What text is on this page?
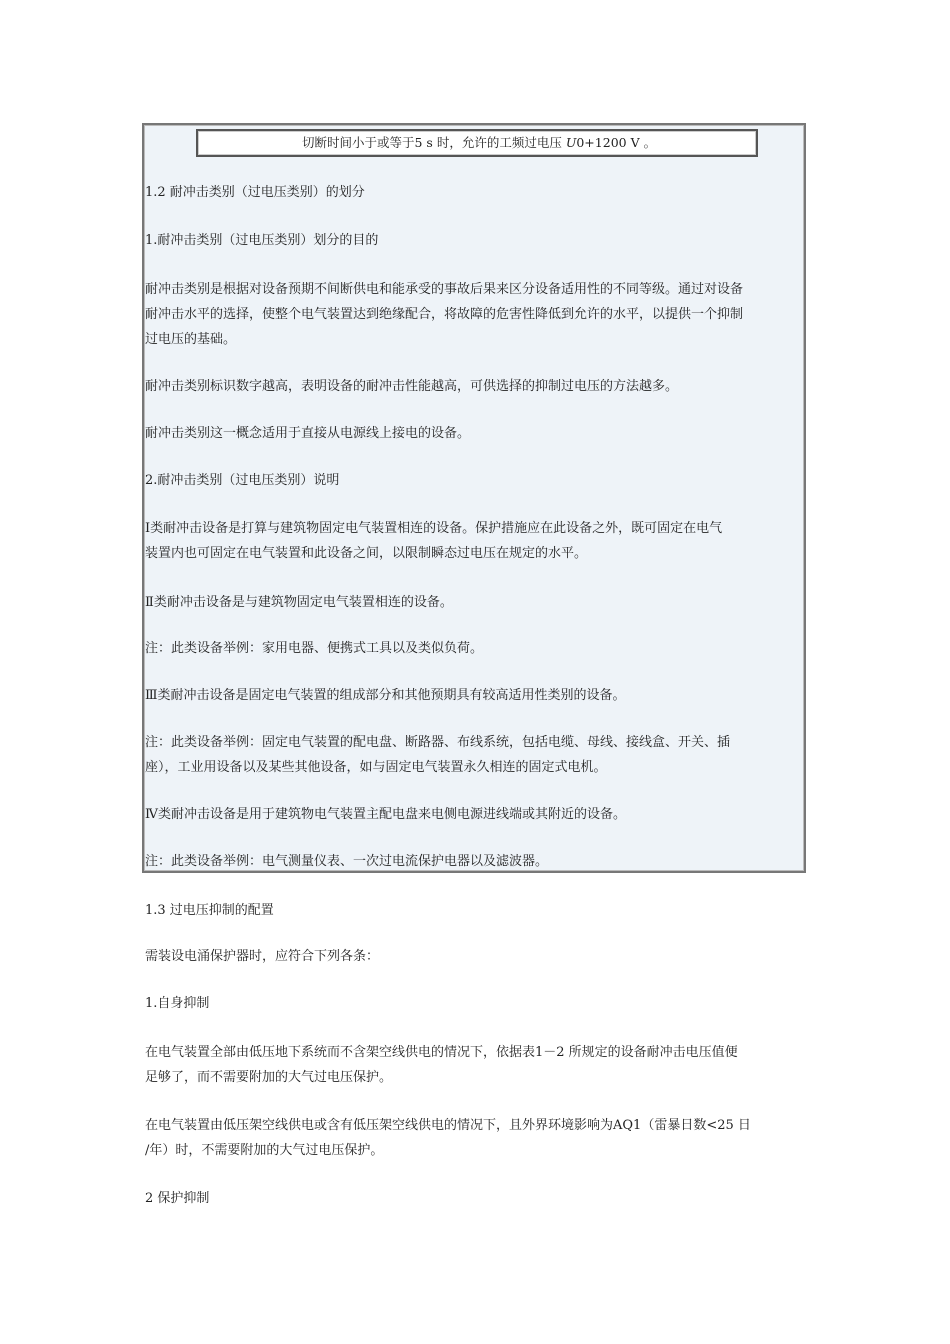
切断时间小于或等于5 s 时，允许的工频过电压 U0+1200 V 。

1.2 耐冲击类别（过电压类别）的划分

1.耐冲击类别（过电压类别）划分的目的

耐冲击类别是根据对设备预期不间断供电和能承受的事故后果来区分设备适用性的不同等级。通过对设备

耐冲击水平的选择，使整个电气装置达到绝缘配合，将故障的危害性降低到允许的水平，以提供一个抑制

过电压的基础。

耐冲击类别标识数字越高，表明设备的耐冲击性能越高，可供选择的抑制过电压的方法越多。

耐冲击类别这一概念适用于直接从电源线上接电的设备。

2.耐冲击类别（过电压类别）说明

Ⅰ类耐冲击设备是打算与建筑物固定电气装置相连的设备。保护措施应在此设备之外，既可固定在电气

装置内也可固定在电气装置和此设备之间，以限制瞬态过电压在规定的水平。

Ⅱ类耐冲击设备是与建筑物固定电气装置相连的设备。

注：此类设备举例：家用电器、便携式工具以及类似负荷。

Ⅲ类耐冲击设备是固定电气装置的组成部分和其他预期具有较高适用性类别的设备。

注：此类设备举例：固定电气装置的配电盘、断路器、布线系统，包括电缆、母线、接线盒、开关、插

座），工业用设备以及某些其他设备，如与固定电气装置永久相连的固定式电机。

Ⅳ类耐冲击设备是用于建筑物电气装置主配电盘来电侧电源进线端或其附近的设备。

注：此类设备举例：电气测量仪表、一次过电流保护电器以及滤波器。

1.3 过电压抑制的配置

需装设电涌保护器时，应符合下列各条：

1.自身抑制

在电气装置全部由低压地下系统而不含架空线供电的情况下，依据表1－2 所规定的设备耐冲击电压值便

足够了，而不需要附加的大气过电压保护。

在电气装置由低压架空线供电或含有低压架空线供电的情况下，且外界环境影响为AQ1（雷暴日数<25 日

/年）时，不需要附加的大气过电压保护。

2 保护抑制
